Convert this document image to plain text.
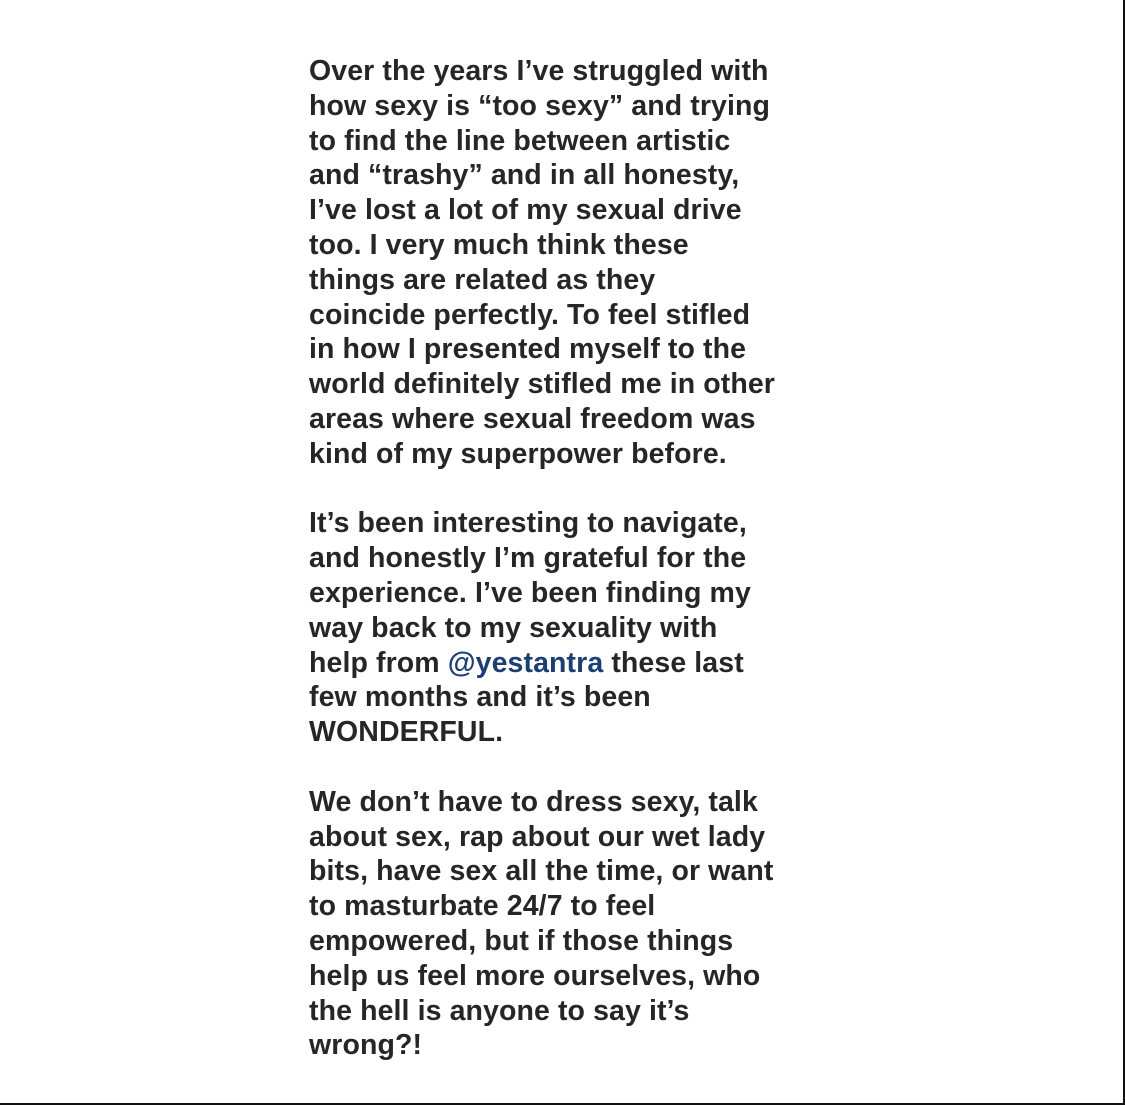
Over the years I’ve struggled with
how sexy is “too sexy” and trying
to find the line between artistic
and “trashy” and in all honesty,
I’ve lost a lot of my sexual drive
too. I very much think these
things are related as they
coincide perfectly. To feel stifled
in how I presented myself to the
world definitely stifled me in other
areas where sexual freedom was
kind of my superpower before.

It’s been interesting to navigate,
and honestly I’m grateful for the
experience. I’ve been finding my
way back to my sexuality with
help from @yestantra these last
few months and it’s been
WONDERFUL.

We don’t have to dress sexy, talk
about sex, rap about our wet lady
bits, have sex all the time, or want
to masturbate 24/7 to feel
empowered, but if those things
help us feel more ourselves, who
the hell is anyone to say it’s
wrong?!
